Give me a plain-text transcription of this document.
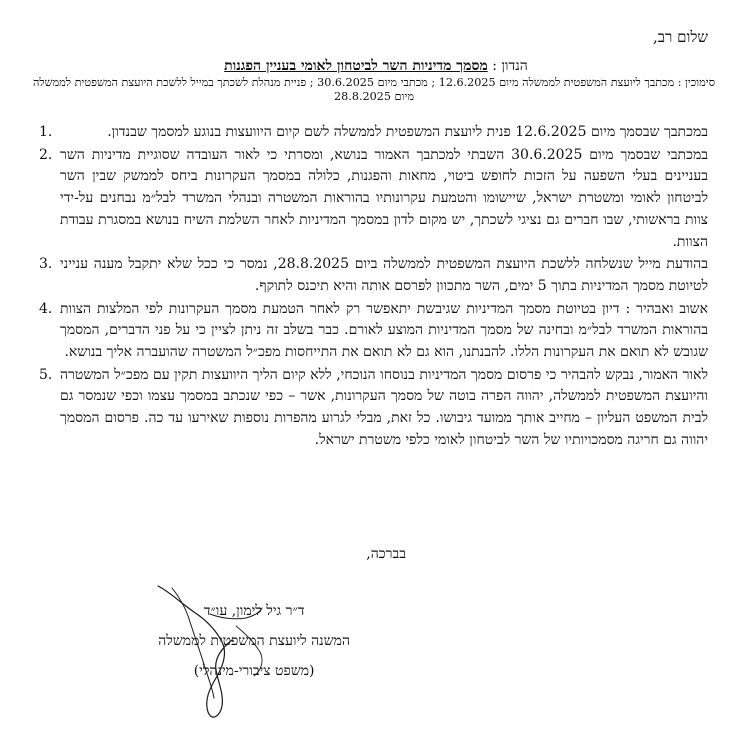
שלום רב,
הנדון : מסמך מדיניות השר לביטחון לאומי בעניין הפגנות
סימוכין : מכתבך ליועצת המשפטית לממשלה מיום 12.6.2025 ; מכתבי מיום 30.6.2025 ; פניית מנהלת לשכתך במייל ללשכת היועצת המשפטית לממשלה מיום 28.8.2025
1.	במכתבך שבסמך מיום 12.6.2025 פנית ליועצת המשפטית לממשלה לשם קיום היוועצות בנוגע למסמך שבנדון.
2. במכתבי שבסמך מיום 30.6.2025 השבתי למכתבך האמור בנושא, ומסרתי כי לאור העובדה שסוגיית מדיניות השר בעניינים בעלי השפעה על הזכות לחופש ביטוי, מחאות והפגנות, כלולה במסמך העקרונות ביחס לממשק שבין השר לביטחון לאומי ומשטרת ישראל, שיישומו והטמעת עקרונותיו בהוראות המשטרה ובנהלי המשרד לבל״מ נבחנים על-ידי צוות בראשותי, שבו חברים גם נציגי לשכתך, יש מקום לדון במסמך המדיניות לאחר השלמת השיח בנושא במסגרת עבודת הצוות.
3. בהודעת מייל שנשלחה ללשכת היועצת המשפטית לממשלה ביום 28.8.2025, נמסר כי ככל שלא יתקבל מענה ענייני לטיוטת מסמך המדיניות בתוך 5 ימים, השר מתכוון לפרסם אותה והיא תיכנס לתוקף.
4. אשוב ואבהיר : דיון בטיוטת מסמך המדיניות שגיבשת יתאפשר רק לאחר הטמעת מסמך העקרונות לפי המלצות הצוות בהוראות המשרד לבל״מ ובחינה של מסמך המדיניות המוצע לאורם. כבר בשלב זה ניתן לציין כי על פני הדברים, המסמך שגובש לא תואם את העקרונות הללו. להבנתנו, הוא גם לא תואם את התייחסות מפכ״ל המשטרה שהועברה אליך בנושא.
5. לאור האמור, נבקש להבהיר כי פרסום מסמך המדיניות בנוסחו הנוכחי, ללא קיום הליך היוועצות תקין עם מפכ״ל המשטרה והיועצת המשפטית לממשלה, יהווה הפרה בוטה של מסמך העקרונות, אשר – כפי שנכתב במסמך עצמו וכפי שנמסר גם לבית המשפט העליון – מחייב אותך ממועד גיבושו. כל זאת, מבלי לגרוע מהפרות נוספות שאירעו עד כה. פרסום המסמך יהווה גם חריגה מסמכויותיו של השר לביטחון לאומי כלפי משטרת ישראל.
בברכה,
ד״ר גיל לימון, עו״ד
המשנה ליועצת המשפטית לממשלה
(משפט ציבורי-מינהלי)
